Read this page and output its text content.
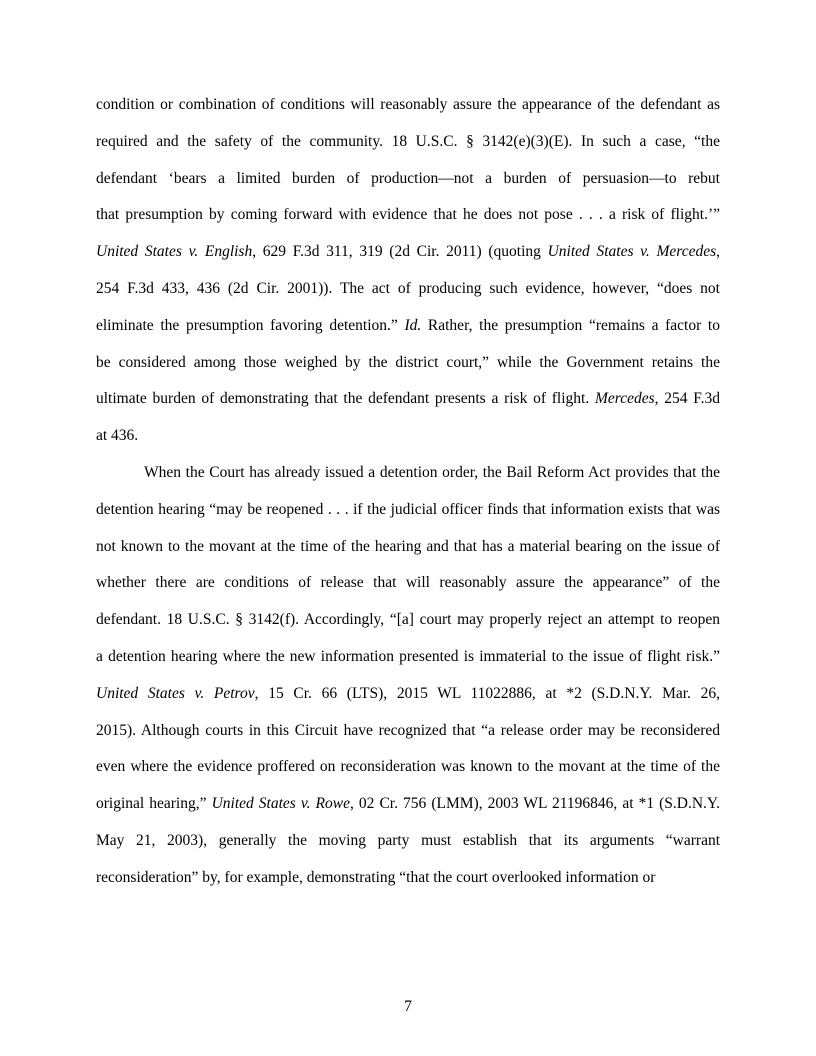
condition or combination of conditions will reasonably assure the appearance of the defendant as
required and the safety of the community. 18 U.S.C. § 3142(e)(3)(E). In such a case, “the
defendant ‘bears a limited burden of production—not a burden of persuasion—to rebut
that presumption by coming forward with evidence that he does not pose . . . a risk of flight.’”
United States v. English, 629 F.3d 311, 319 (2d Cir. 2011) (quoting United States v. Mercedes,
254 F.3d 433, 436 (2d Cir. 2001)). The act of producing such evidence, however, “does not
eliminate the presumption favoring detention.” Id. Rather, the presumption “remains a factor to
be considered among those weighed by the district court,” while the Government retains the
ultimate burden of demonstrating that the defendant presents a risk of flight. Mercedes, 254 F.3d
at 436.
When the Court has already issued a detention order, the Bail Reform Act provides that the
detention hearing “may be reopened . . . if the judicial officer finds that information exists that was
not known to the movant at the time of the hearing and that has a material bearing on the issue of
whether there are conditions of release that will reasonably assure the appearance” of the
defendant. 18 U.S.C. § 3142(f). Accordingly, “[a] court may properly reject an attempt to reopen
a detention hearing where the new information presented is immaterial to the issue of flight risk.”
United States v. Petrov, 15 Cr. 66 (LTS), 2015 WL 11022886, at *2 (S.D.N.Y. Mar. 26,
2015). Although courts in this Circuit have recognized that “a release order may be reconsidered
even where the evidence proffered on reconsideration was known to the movant at the time of the
original hearing,” United States v. Rowe, 02 Cr. 756 (LMM), 2003 WL 21196846, at *1 (S.D.N.Y.
May 21, 2003), generally the moving party must establish that its arguments “warrant
reconsideration” by, for example, demonstrating “that the court overlooked information or
7
